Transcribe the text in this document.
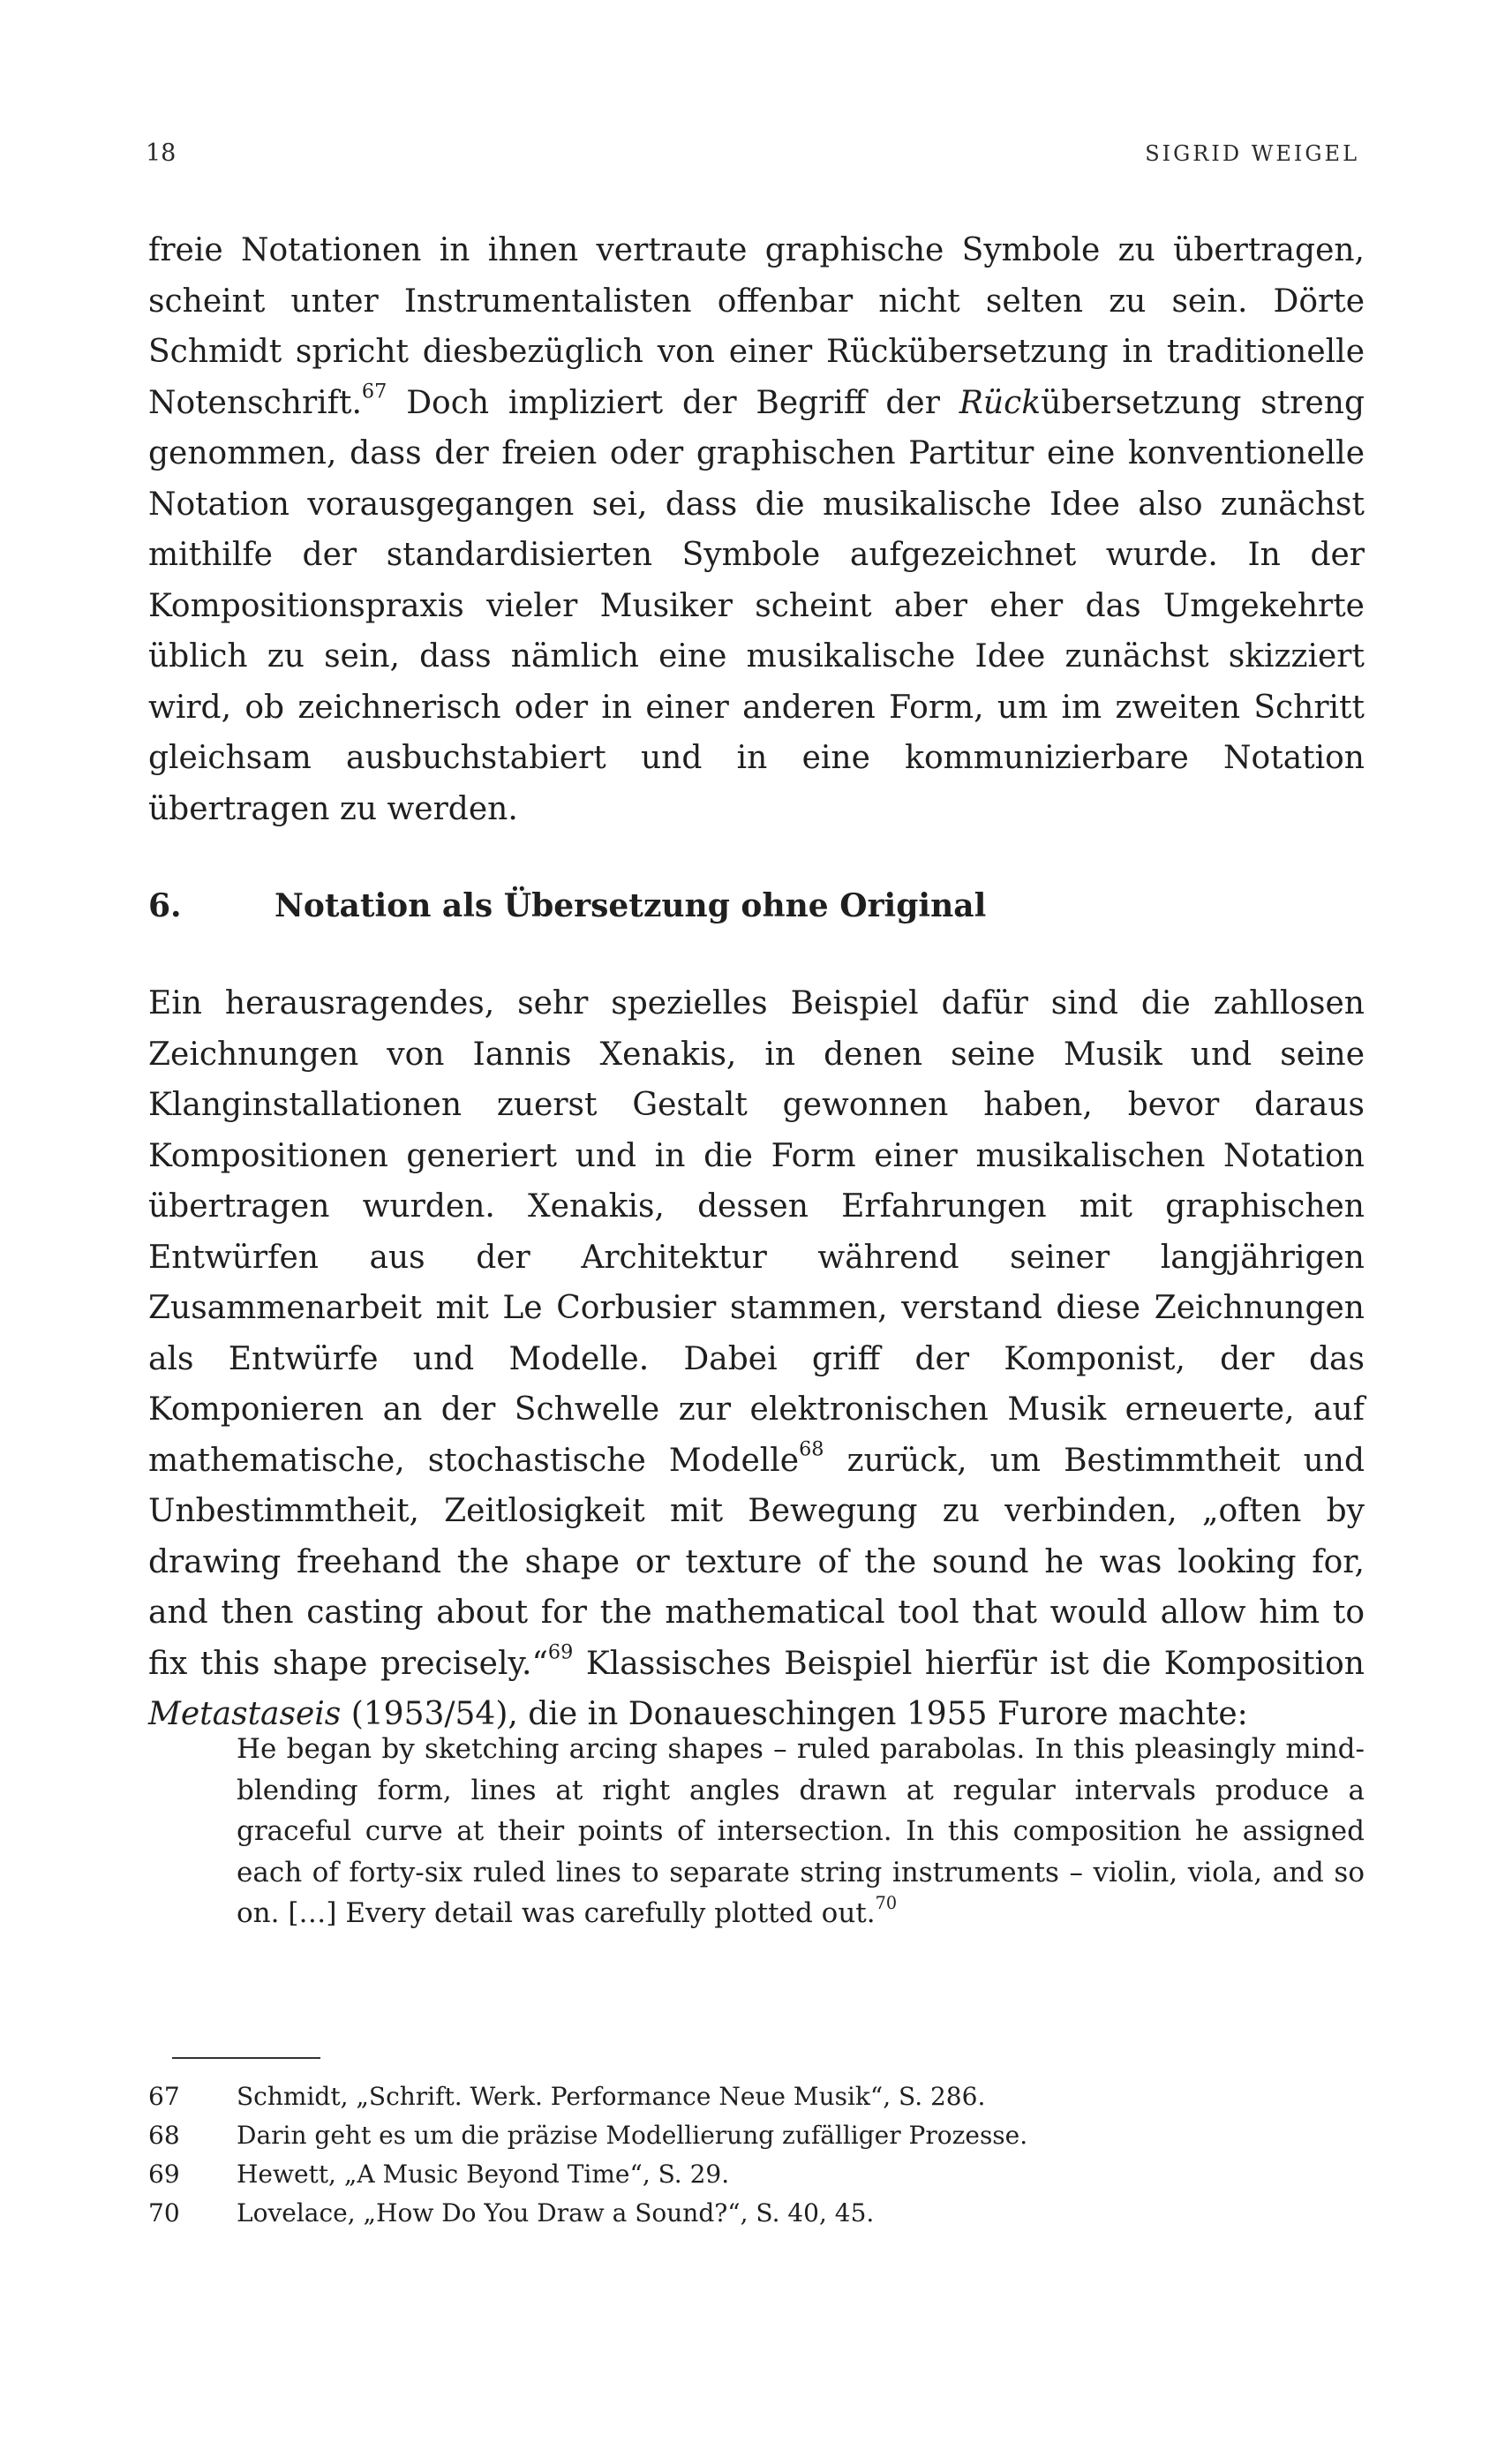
18	SIGRID WEIGEL

freie Notationen in ihnen vertraute graphische Symbole zu übertragen, scheint unter Instrumentalisten offenbar nicht selten zu sein. Dörte Schmidt spricht diesbezüglich von einer Rückübersetzung in traditionelle Notenschrift.$^{67}$ Doch impliziert der Begriff der Rückübersetzung streng genommen, dass der freien oder graphischen Partitur eine konventionelle Notation vorausgegangen sei, dass die musikalische Idee also zunächst mithilfe der standardisierten Symbole aufgezeichnet wurde. In der Kompositionspraxis vieler Musiker scheint aber eher das Umgekehrte üblich zu sein, dass nämlich eine musikalische Idee zunächst skizziert wird, ob zeichnerisch oder in einer anderen Form, um im zweiten Schritt gleichsam ausbuchstabiert und in eine kommunizierbare Notation übertragen zu werden.

6.	Notation als Übersetzung ohne Original

Ein herausragendes, sehr spezielles Beispiel dafür sind die zahllosen Zeichnungen von Iannis Xenakis, in denen seine Musik und seine Klanginstallationen zuerst Gestalt gewonnen haben, bevor daraus Kompositionen generiert und in die Form einer musikalischen Notation übertragen wurden. Xenakis, dessen Erfahrungen mit graphischen Entwürfen aus der Architektur während seiner langjährigen Zusammenarbeit mit Le Corbusier stammen, verstand diese Zeichnungen als Entwürfe und Modelle. Dabei griff der Komponist, der das Komponieren an der Schwelle zur elektronischen Musik erneuerte, auf mathematische, stochastische Modelle$^{68}$ zurück, um Bestimmtheit und Unbestimmtheit, Zeitlosigkeit mit Bewegung zu verbinden, „often by drawing freehand the shape or texture of the sound he was looking for, and then casting about for the mathematical tool that would allow him to fix this shape precisely.“$^{69}$ Klassisches Beispiel hierfür ist die Komposition Metastaseis (1953/54), die in Donaueschingen 1955 Furore machte:

He began by sketching arcing shapes – ruled parabolas. In this pleasingly mindblending form, lines at right angles drawn at regular intervals produce a graceful curve at their points of intersection. In this composition he assigned each of forty-six ruled lines to separate string instruments – violin, viola, and so on. […] Every detail was carefully plotted out.$^{70}$

67	Schmidt, „Schrift. Werk. Performance Neue Musik“, S. 286.
68	Darin geht es um die präzise Modellierung zufälliger Prozesse.
69	Hewett, „A Music Beyond Time“, S. 29.
70	Lovelace, „How Do You Draw a Sound?“, S. 40, 45.
